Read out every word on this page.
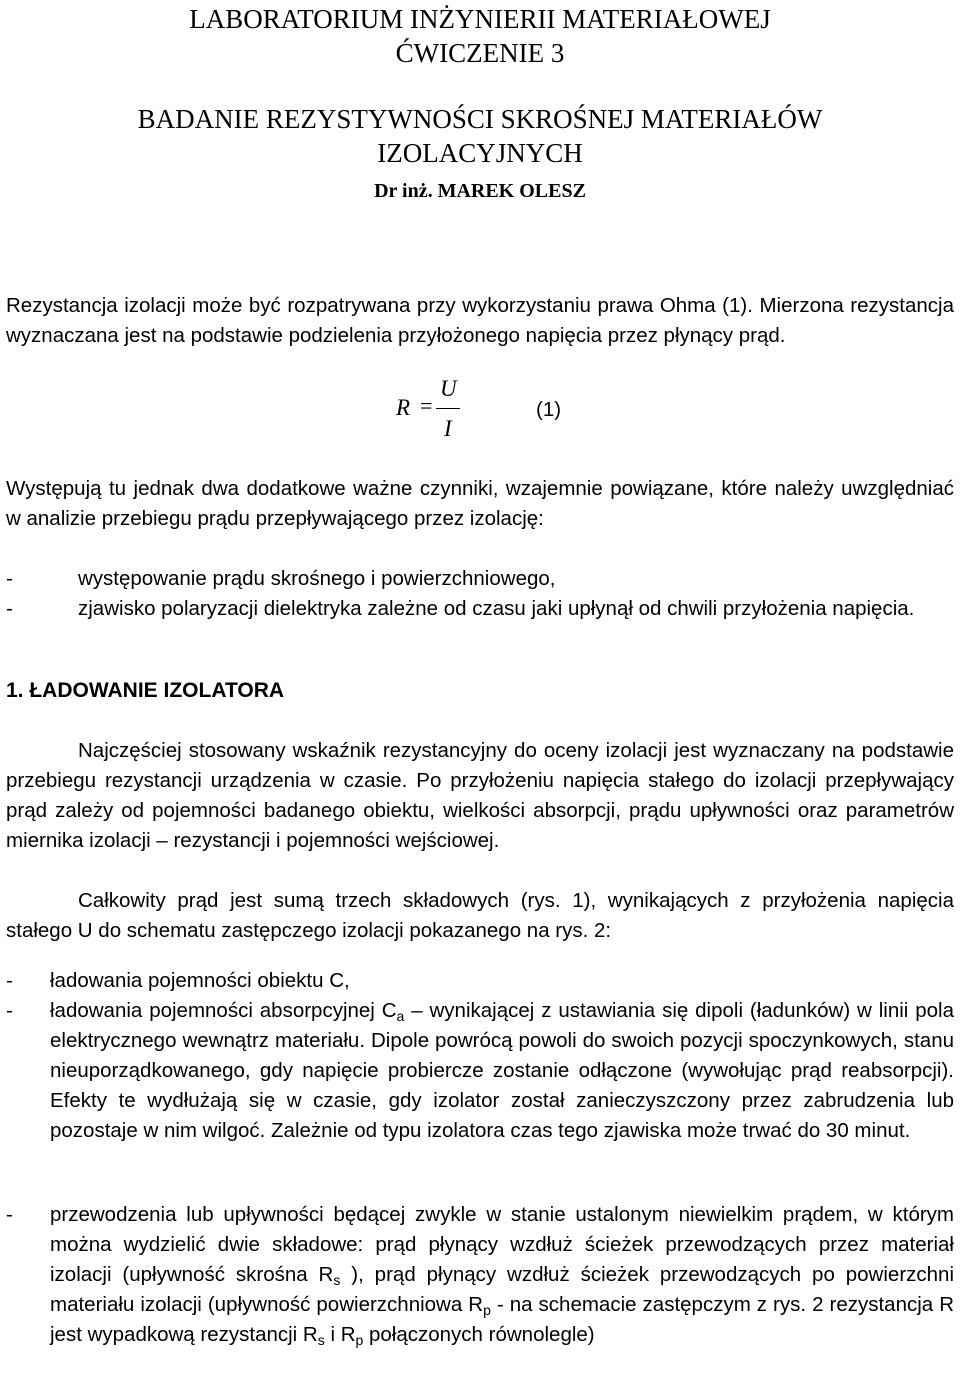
LABORATORIUM INŻYNIERII MATERIAŁOWEJ
ĆWICZENIE 3
BADANIE REZYSTYWNOŚCI SKROŚNEJ MATERIAŁÓW
IZOLACYJNYCH
Dr inż. MAREK OLESZ

Rezystancja izolacji może być rozpatrywana przy wykorzystaniu prawa Ohma (1). Mierzona rezystancja wyznaczana jest na podstawie podzielenia przyłożonego napięcia przez płynący prąd.

R =
U
I
(1)

Występują tu jednak dwa dodatkowe ważne czynniki, wzajemnie powiązane, które należy uwzględniać w analizie przebiegu prądu przepływającego przez izolację:

-	występowanie prądu skrośnego i powierzchniowego,
-	zjawisko polaryzacji dielektryka zależne od czasu jaki upłynął od chwili przyłożenia napięcia.
1. ŁADOWANIE IZOLATORA

Najczęściej stosowany wskaźnik rezystancyjny do oceny izolacji jest wyznaczany na podstawie przebiegu rezystancji urządzenia w czasie. Po przyłożeniu napięcia stałego do izolacji przepływający prąd zależy od pojemności badanego obiektu, wielkości absorpcji, prądu upływności oraz parametrów miernika izolacji – rezystancji i pojemności wejściowej.

Całkowity prąd jest sumą trzech składowych (rys. 1), wynikających z przyłożenia napięcia stałego U do schematu zastępczego izolacji pokazanego na rys. 2:

- ładowania pojemności obiektu C,
- ładowania pojemności absorpcyjnej $C_a$ – wynikającej z ustawiania się dipoli (ładunków) w linii pola elektrycznego wewnątrz materiału. Dipole powrócą powoli do swoich pozycji spoczynkowych, stanu nieuporządkowanego, gdy napięcie probiercze zostanie odłączone (wywołując prąd reabsorpcji). Efekty te wydłużają się w czasie, gdy izolator został zanieczyszczony przez zabrudzenia lub pozostaje w nim wilgoć. Zależnie od typu izolatora czas tego zjawiska może trwać do 30 minut.
- przewodzenia lub upływności będącej zwykle w stanie ustalonym niewielkim prądem, w którym można wydzielić dwie składowe: prąd płynący wzdłuż ścieżek przewodzących przez materiał izolacji (upływność skrośna $R_s$ ), prąd płynący wzdłuż ścieżek przewodzących po powierzchni materiału izolacji (upływność powierzchniowa $R_p$ - na schemacie zastępczym z rys. 2 rezystancja R jest wypadkową rezystancji $R_s$ i $R_p$ połączonych równolegle)
